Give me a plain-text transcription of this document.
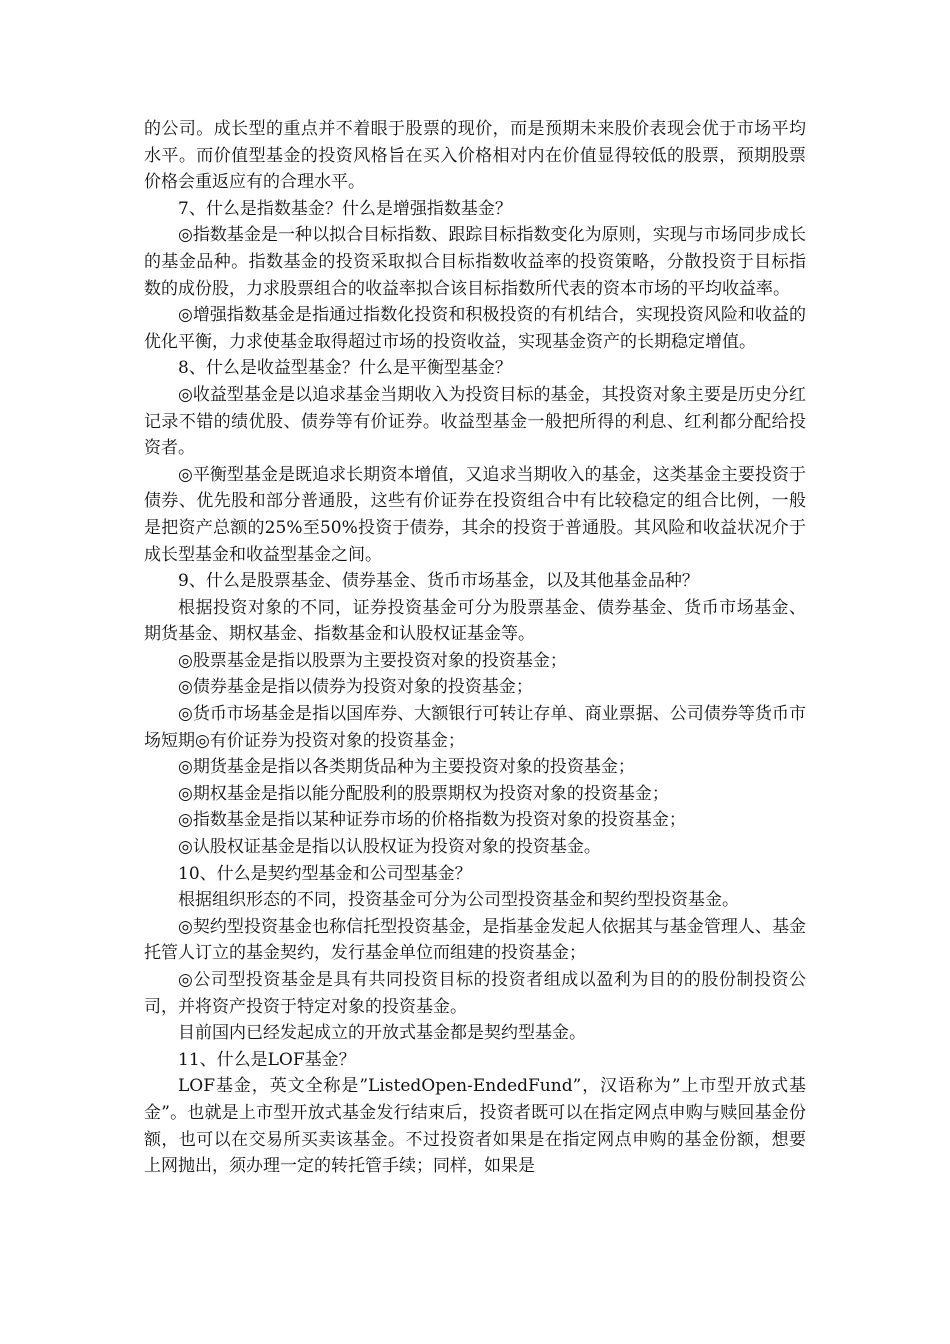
的公司。成长型的重点并不着眼于股票的现价，而是预期未来股价表现会优于市场平均水平。而价值型基金的投资风格旨在买入价格相对内在价值显得较低的股票，预期股票价格会重返应有的合理水平。

7、什么是指数基金？什么是增强指数基金？

◎指数基金是一种以拟合目标指数、跟踪目标指数变化为原则，实现与市场同步成长的基金品种。指数基金的投资采取拟合目标指数收益率的投资策略，分散投资于目标指数的成份股，力求股票组合的收益率拟合该目标指数所代表的资本市场的平均收益率。

◎增强指数基金是指通过指数化投资和积极投资的有机结合，实现投资风险和收益的优化平衡，力求使基金取得超过市场的投资收益，实现基金资产的长期稳定增值。

8、什么是收益型基金？什么是平衡型基金？

◎收益型基金是以追求基金当期收入为投资目标的基金，其投资对象主要是历史分红记录不错的绩优股、债券等有价证券。收益型基金一般把所得的利息、红利都分配给投资者。

◎平衡型基金是既追求长期资本增值，又追求当期收入的基金，这类基金主要投资于债券、优先股和部分普通股，这些有价证券在投资组合中有比较稳定的组合比例，一般是把资产总额的25%至50%投资于债券，其余的投资于普通股。其风险和收益状况介于成长型基金和收益型基金之间。

9、什么是股票基金、债券基金、货币市场基金，以及其他基金品种？

根据投资对象的不同，证券投资基金可分为股票基金、债券基金、货币市场基金、期货基金、期权基金、指数基金和认股权证基金等。

◎股票基金是指以股票为主要投资对象的投资基金；

◎债券基金是指以债券为投资对象的投资基金；

◎货币市场基金是指以国库券、大额银行可转让存单、商业票据、公司债券等货币市场短期◎有价证券为投资对象的投资基金；

◎期货基金是指以各类期货品种为主要投资对象的投资基金；

◎期权基金是指以能分配股利的股票期权为投资对象的投资基金；

◎指数基金是指以某种证券市场的价格指数为投资对象的投资基金；

◎认股权证基金是指以认股权证为投资对象的投资基金。

10、什么是契约型基金和公司型基金？

根据组织形态的不同，投资基金可分为公司型投资基金和契约型投资基金。

◎契约型投资基金也称信托型投资基金，是指基金发起人依据其与基金管理人、基金托管人订立的基金契约，发行基金单位而组建的投资基金；

◎公司型投资基金是具有共同投资目标的投资者组成以盈利为目的的股份制投资公司，并将资产投资于特定对象的投资基金。

目前国内已经发起成立的开放式基金都是契约型基金。

11、什么是LOF基金？

LOF基金，英文全称是”ListedOpen-EndedFund”，汉语称为”上市型开放式基金”。也就是上市型开放式基金发行结束后，投资者既可以在指定网点申购与赎回基金份额，也可以在交易所买卖该基金。不过投资者如果是在指定网点申购的基金份额，想要上网抛出，须办理一定的转托管手续；同样，如果是
